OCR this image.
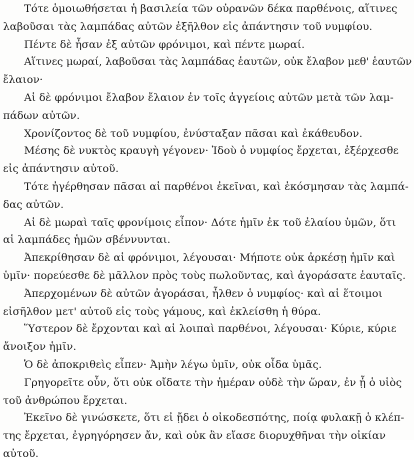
Τότε ὁμοιωθήσεται ἡ βασιλεία τῶν οὐρανῶν δέκα παρθένοις, αἵτινες
λαβοῦσαι τὰς λαμπάδας αὐτῶν ἐξῆλθον εἰς ἀπάντησιν τοῦ νυμφίου.
Πέντε δὲ ἦσαν ἐξ αὐτῶν φρόνιμοι, καὶ πέντε μωραί.
Αἵτινες μωραί, λαβοῦσαι τὰς λαμπάδας ἑαυτῶν, οὐκ ἔλαβον μεθ' ἑαυτῶν
ἔλαιον·
Αἱ δὲ φρόνιμοι ἔλαβον ἔλαιον ἐν τοῖς ἀγγείοις αὐτῶν μετὰ τῶν λαμ-
πάδων αὐτῶν.
Χρονίζοντος δὲ τοῦ νυμφίου, ἐνύσταξαν πᾶσαι καὶ ἐκάθευδον.
Μέσης δὲ νυκτὸς κραυγὴ γέγονεν· Ἰδοὺ ὁ νυμφίος ἔρχεται, ἐξέρχεσθε
εἰς ἀπάντησιν αὐτοῦ.
Τότε ἠγέρθησαν πᾶσαι αἱ παρθένοι ἐκεῖναι, καὶ ἐκόσμησαν τὰς λαμπά-
δας αὐτῶν.
Αἱ δὲ μωραὶ ταῖς φρονίμοις εἶπον· Δότε ἡμῖν ἐκ τοῦ ἐλαίου ὑμῶν, ὅτι
αἱ λαμπάδες ἡμῶν σβέννυνται.
Ἀπεκρίθησαν δὲ αἱ φρόνιμοι, λέγουσαι· Μήποτε οὐκ ἀρκέσῃ ἡμῖν καὶ
ὑμῖν· πορεύεσθε δὲ μᾶλλον πρὸς τοὺς πωλοῦντας, καὶ ἀγοράσατε ἑαυταῖς.
Ἀπερχομένων δὲ αὐτῶν ἀγοράσαι, ἦλθεν ὁ νυμφίος· καὶ αἱ ἕτοιμοι
εἰσῆλθον μετ' αὐτοῦ εἰς τοὺς γάμους, καὶ ἐκλείσθη ἡ θύρα.
Ὕστερον δὲ ἔρχονται καὶ αἱ λοιπαὶ παρθένοι, λέγουσαι· Κύριε, κύριε
ἄνοιξον ἡμῖν.
Ὁ δὲ ἀποκριθεὶς εἶπεν· Ἀμὴν λέγω ὑμῖν, οὐκ οἶδα ὑμᾶς.
Γρηγορεῖτε οὖν, ὅτι οὐκ οἴδατε τὴν ἡμέραν οὐδὲ τὴν ὥραν, ἐν ᾗ ὁ υἱὸς
τοῦ ἀνθρώπου ἔρχεται.
Ἐκεῖνο δὲ γινώσκετε, ὅτι εἰ ᾔδει ὁ οἰκοδεσπότης, ποίᾳ φυλακῇ ὁ κλέπ-
της ἔρχεται, ἐγρηγόρησεν ἄν, καὶ οὐκ ἂν εἴασε διορυχθῆναι τὴν οἰκίαν
αὐτοῦ.
